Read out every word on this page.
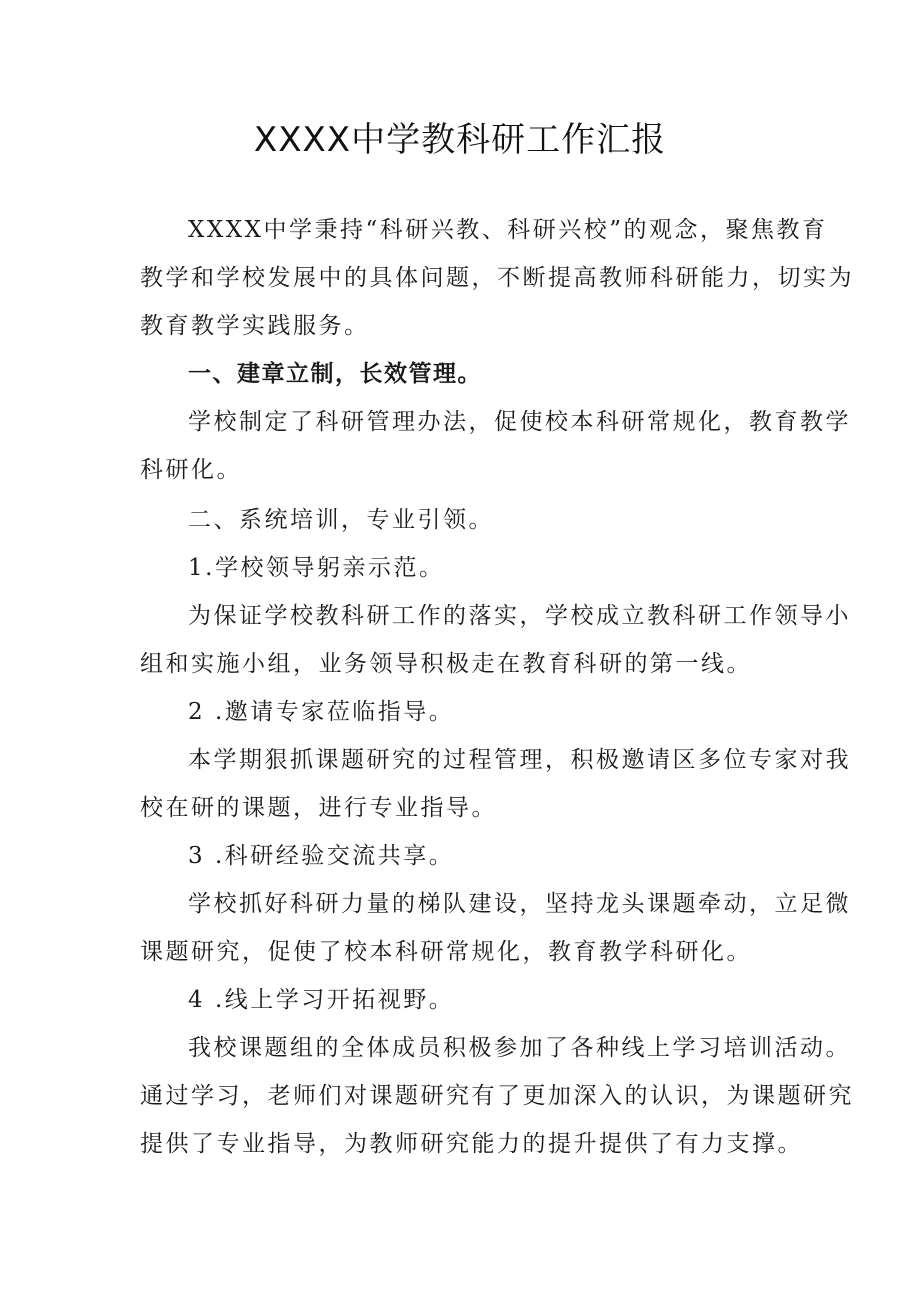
XXXX中学教科研工作汇报
XXXX中学秉持“科研兴教、科研兴校”的观念，聚焦教育
教学和学校发展中的具体问题，不断提高教师科研能力，切实为
教育教学实践服务。
一、建章立制，长效管理。
学校制定了科研管理办法，促使校本科研常规化，教育教学
科研化。
二、系统培训，专业引领。
1.学校领导躬亲示范。
为保证学校教科研工作的落实，学校成立教科研工作领导小
组和实施小组，业务领导积极走在教育科研的第一线。
2 .邀请专家莅临指导。
本学期狠抓课题研究的过程管理，积极邀请区多位专家对我
校在研的课题，进行专业指导。
3 .科研经验交流共享。
学校抓好科研力量的梯队建设，坚持龙头课题牵动，立足微
课题研究，促使了校本科研常规化，教育教学科研化。
4 .线上学习开拓视野。
我校课题组的全体成员积极参加了各种线上学习培训活动。
通过学习，老师们对课题研究有了更加深入的认识，为课题研究
提供了专业指导，为教师研究能力的提升提供了有力支撑。
